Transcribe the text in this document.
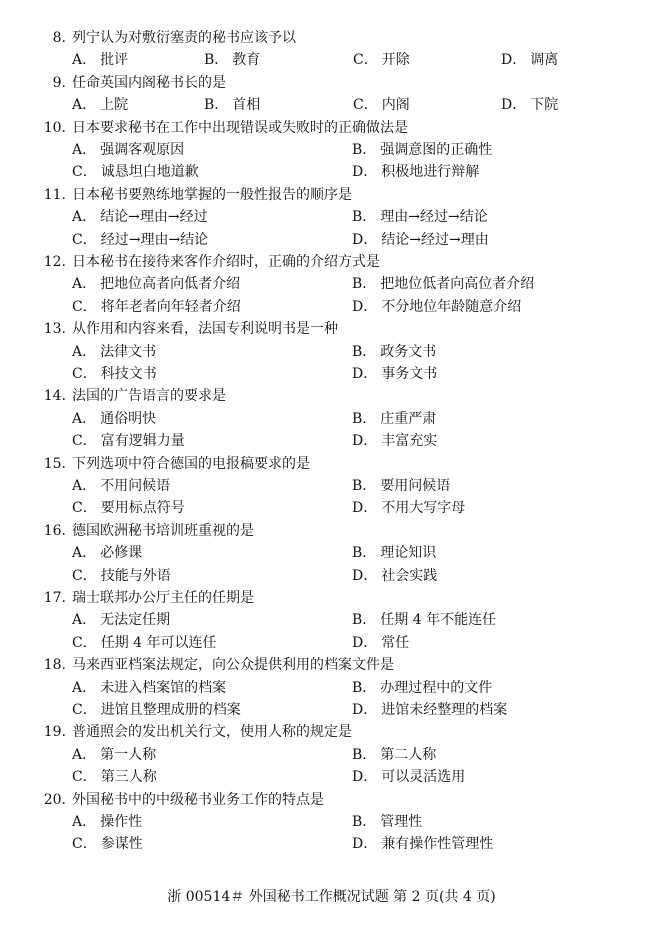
8. 列宁认为对敷衍塞责的秘书应该予以
A． 批评	B． 教育	C． 开除	D． 调离
9. 任命英国内阁秘书长的是
A． 上院	B． 首相	C． 内阁	D． 下院
10. 日本要求秘书在工作中出现错误或失败时的正确做法是
A． 强调客观原因	B． 强调意图的正确性
C． 诚恳坦白地道歉	D． 积极地进行辩解
11. 日本秘书要熟练地掌握的一般性报告的顺序是
A． 结论→理由→经过	B． 理由→经过→结论
C． 经过→理由→结论	D． 结论→经过→理由
12. 日本秘书在接待来客作介绍时，正确的介绍方式是
A． 把地位高者向低者介绍	B． 把地位低者向高位者介绍
C． 将年老者向年轻者介绍	D． 不分地位年龄随意介绍
13. 从作用和内容来看，法国专利说明书是一种
A． 法律文书	B． 政务文书
C． 科技文书	D． 事务文书
14. 法国的广告语言的要求是
A． 通俗明快	B． 庄重严肃
C． 富有逻辑力量	D． 丰富充实
15. 下列选项中符合德国的电报稿要求的是
A． 不用问候语	B． 要用问候语
C． 要用标点符号	D． 不用大写字母
16. 德国欧洲秘书培训班重视的是
A． 必修课	B． 理论知识
C． 技能与外语	D． 社会实践
17. 瑞士联邦办公厅主任的任期是
A． 无法定任期	B． 任期 4 年不能连任
C． 任期 4 年可以连任	D． 常任
18. 马来西亚档案法规定，向公众提供利用的档案文件是
A． 未进入档案馆的档案	B． 办理过程中的文件
C． 进馆且整理成册的档案	D． 进馆未经整理的档案
19. 普通照会的发出机关行文，使用人称的规定是
A． 第一人称	B． 第二人称
C． 第三人称	D． 可以灵活选用
20. 外国秘书中的中级秘书业务工作的特点是
A． 操作性	B． 管理性
C． 参谋性	D． 兼有操作性管理性
浙 00514＃ 外国秘书工作概况试题 第 2 页(共 4 页)
